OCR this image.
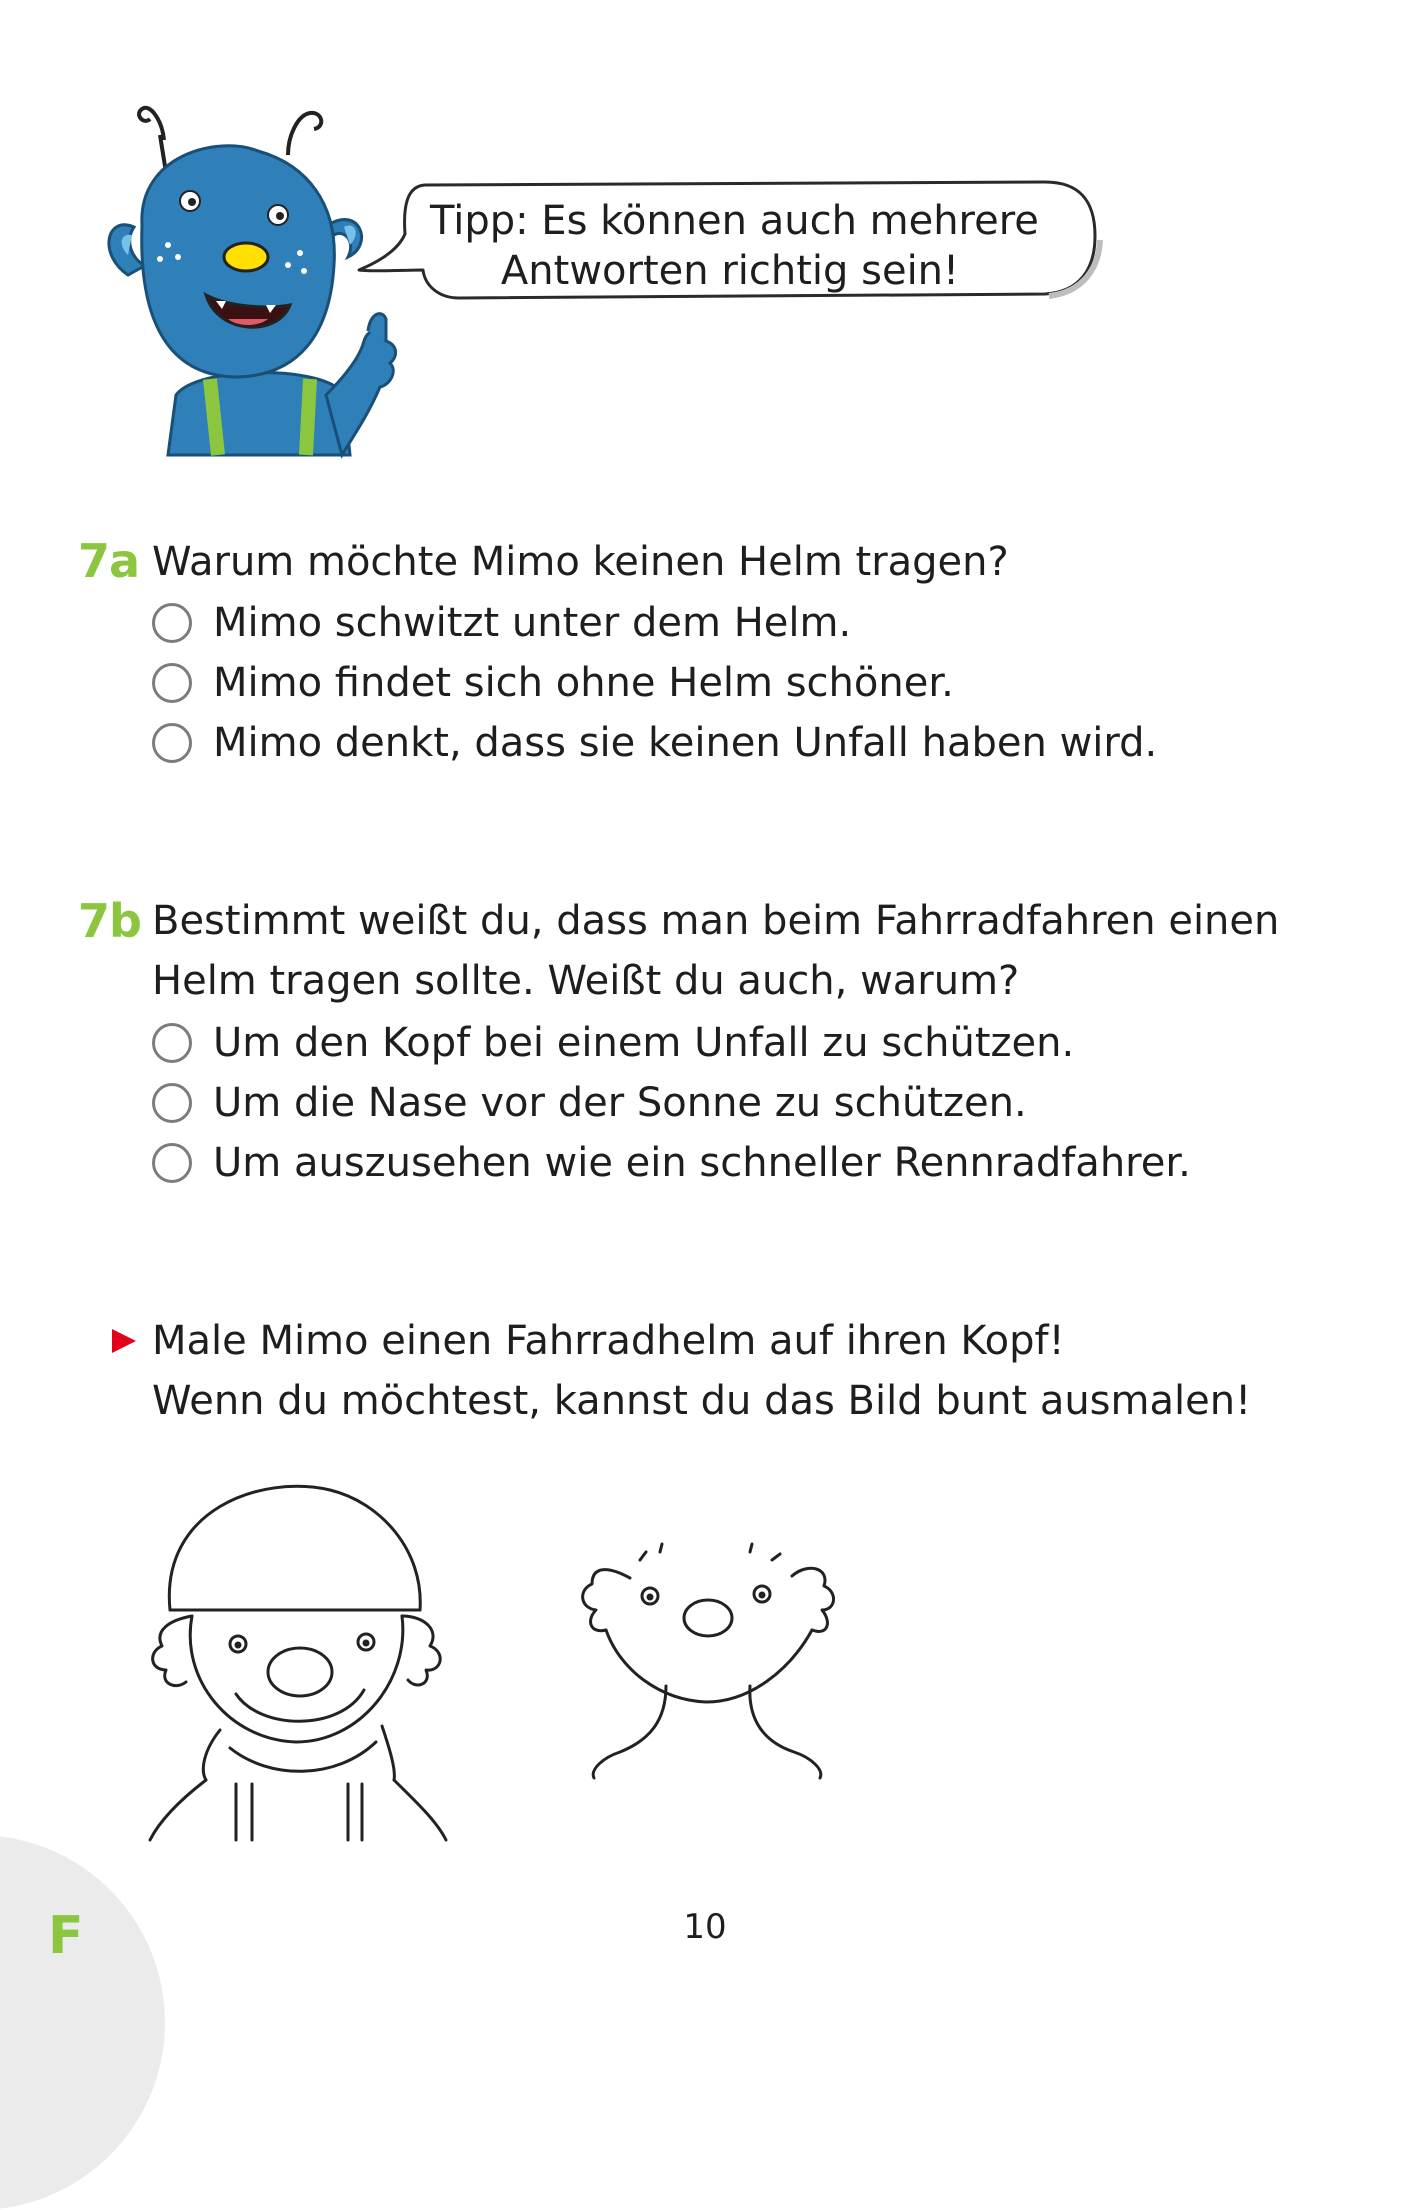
Tipp: Es können auch mehrere
Antworten richtig sein!
7a Warum möchte Mimo keinen Helm tragen?
Mimo schwitzt unter dem Helm.
Mimo findet sich ohne Helm schöner.
Mimo denkt, dass sie keinen Unfall haben wird.
7b Bestimmt weißt du, dass man beim Fahrradfahren einen
Helm tragen sollte. Weißt du auch, warum?
Um den Kopf bei einem Unfall zu schützen.
Um die Nase vor der Sonne zu schützen.
Um auszusehen wie ein schneller Rennradfahrer.
Male Mimo einen Fahrradhelm auf ihren Kopf!
Wenn du möchtest, kannst du das Bild bunt ausmalen!
F	10
